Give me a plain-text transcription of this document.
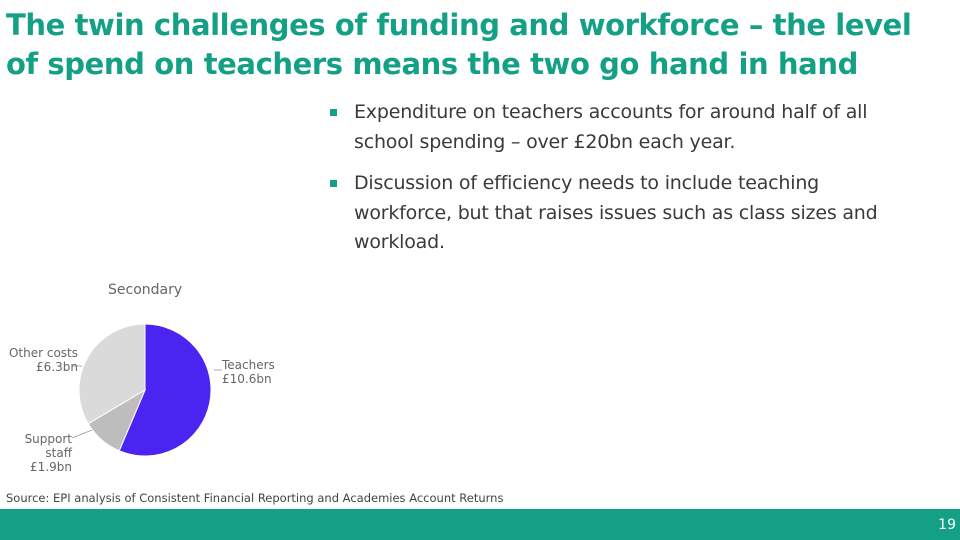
The twin challenges of funding and workforce – the level of spend on teachers means the two go hand in hand
Expenditure on teachers accounts for around half of all school spending – over £20bn each year.
Discussion of efficiency needs to include teaching workforce, but that raises issues such as class sizes and workload.
Secondary
Other costs
£6.3bn	Teachers
£10.6bn
Support staff
£1.9bn
Source: EPI analysis of Consistent Financial Reporting and Academies Account Returns
19
